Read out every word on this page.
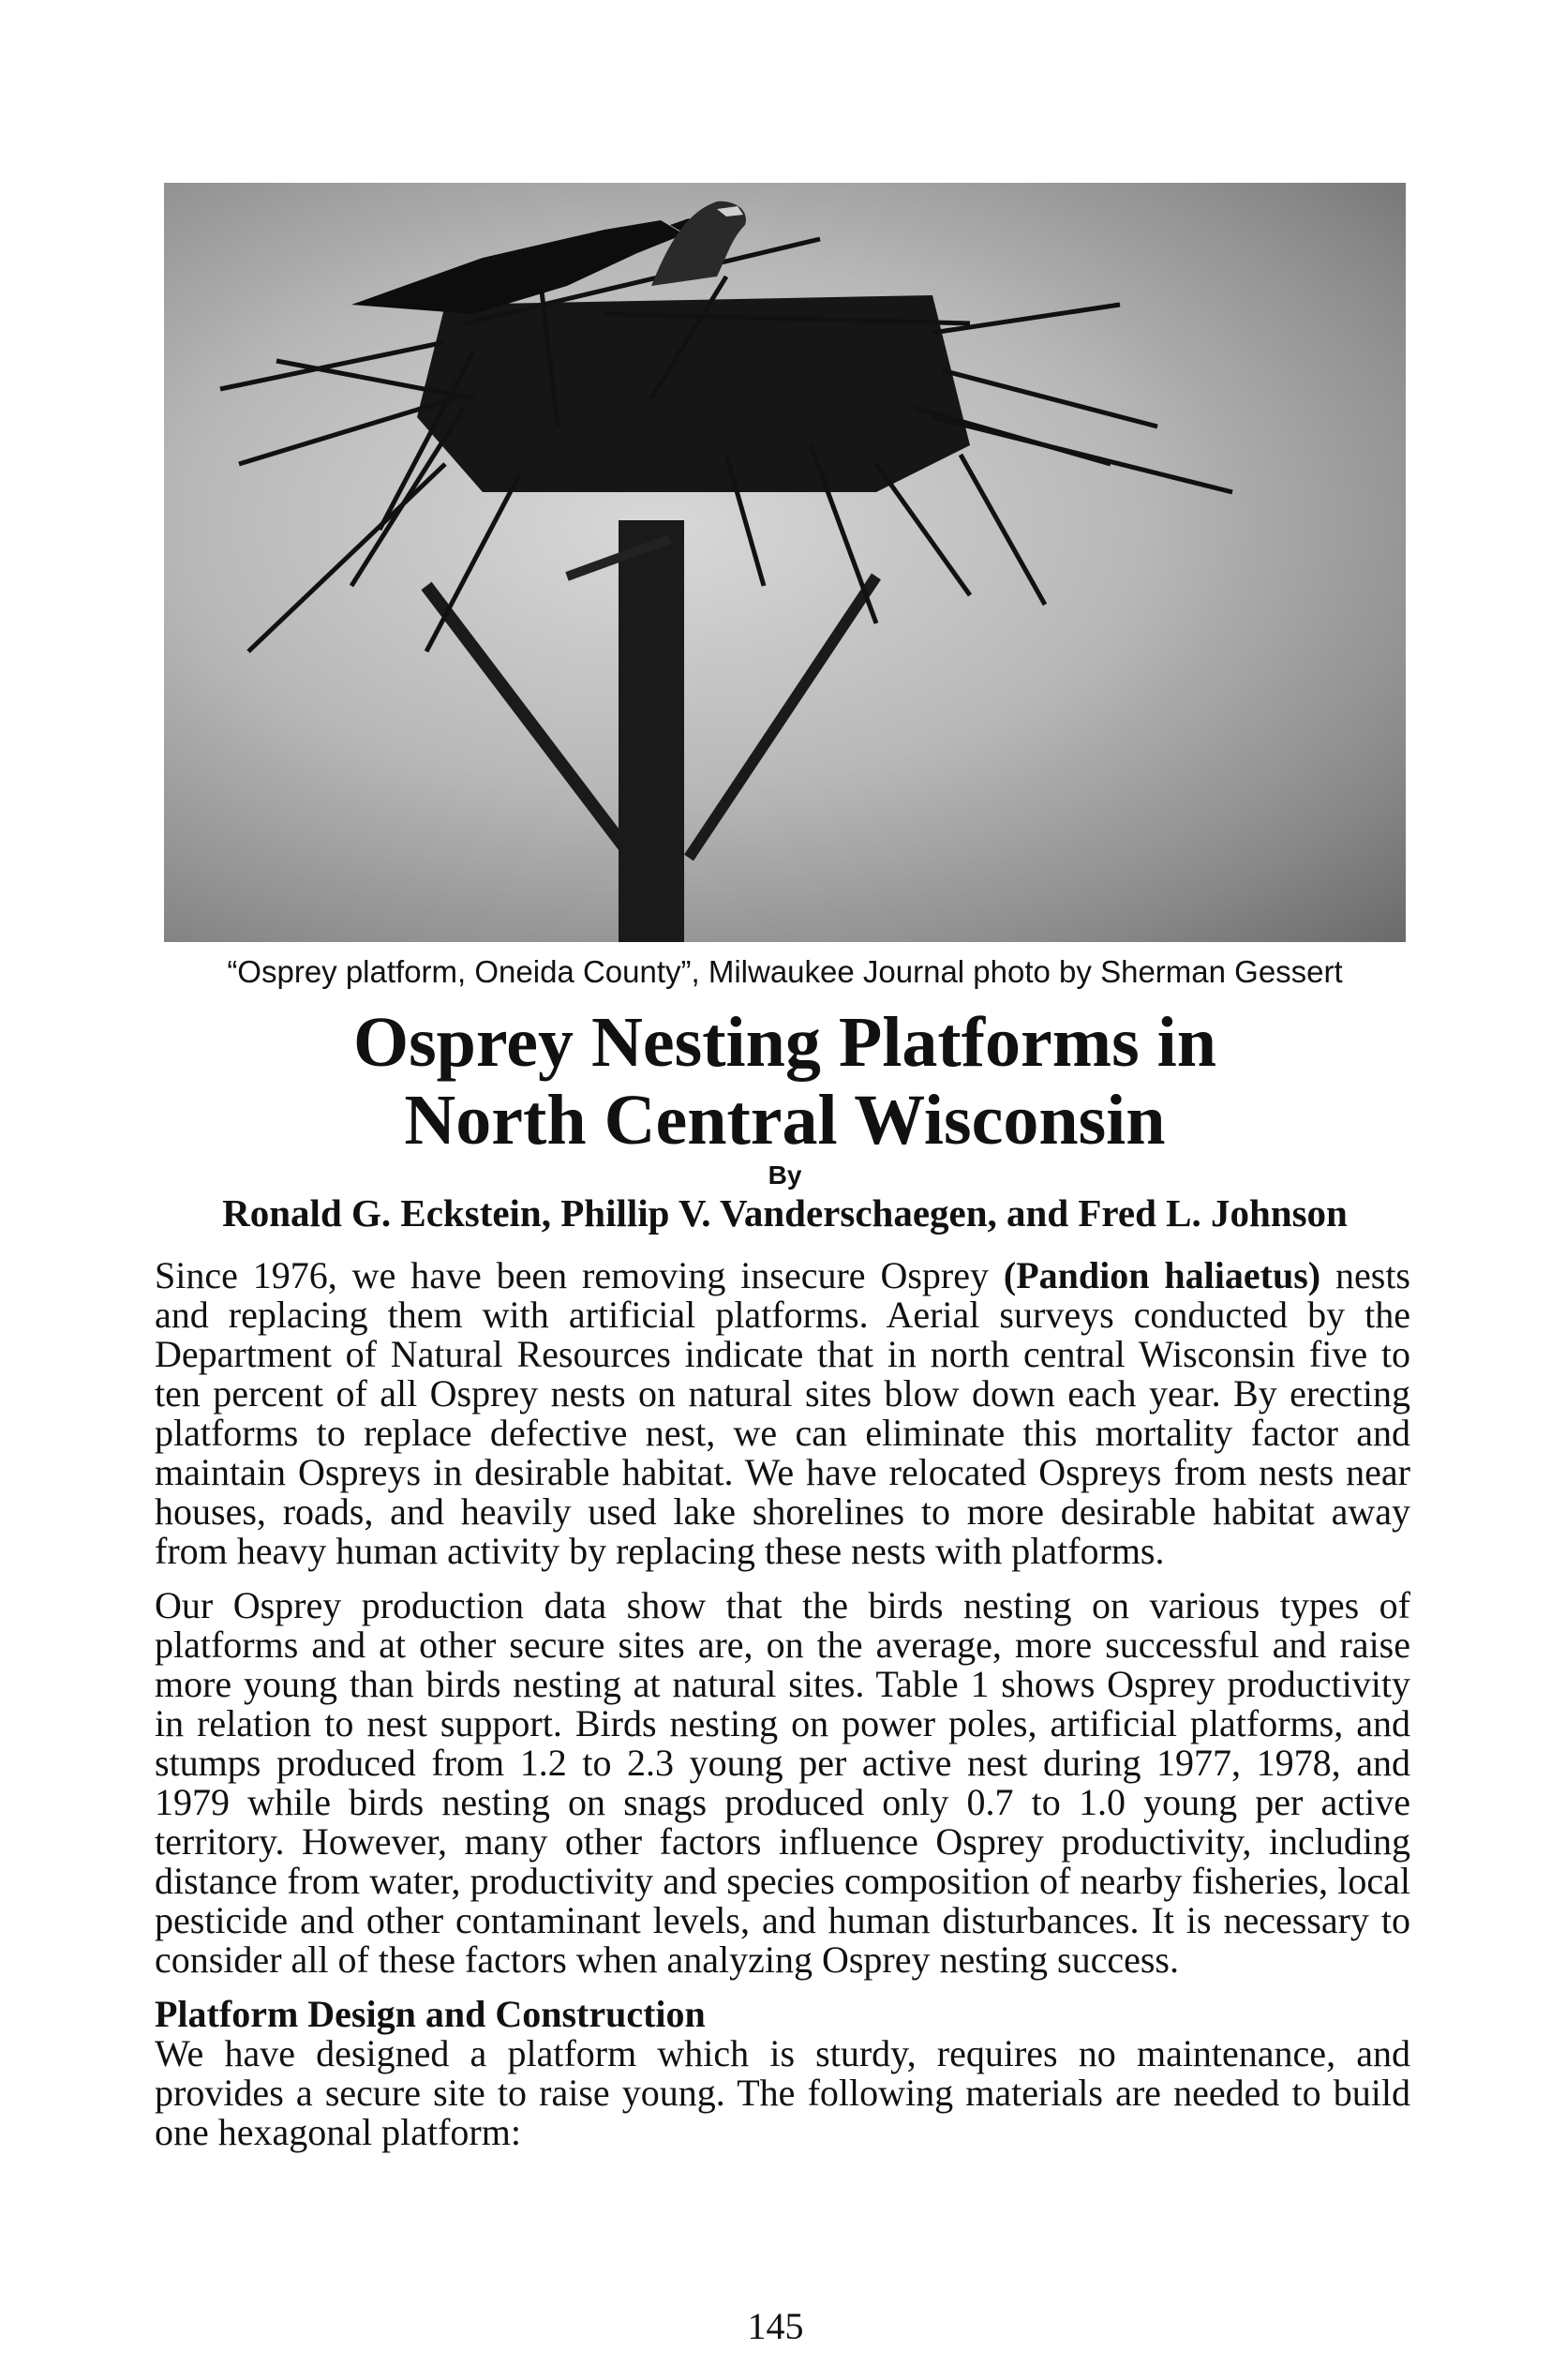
“Osprey platform, Oneida County”, Milwaukee Journal photo by Sherman Gessert
Osprey Nesting Platforms in
North Central Wisconsin
By
Ronald G. Eckstein, Phillip V. Vanderschaegen, and Fred L. Johnson

Since 1976, we have been removing insecure Osprey (Pandion haliaetus) nests and replacing them with artificial platforms. Aerial surveys conducted by the Department of Natural Resources indicate that in north central Wisconsin five to ten percent of all Osprey nests on natural sites blow down each year. By erecting platforms to replace defective nest, we can eliminate this mortality factor and maintain Ospreys in desirable habitat. We have relocated Ospreys from nests near houses, roads, and heavily used lake shorelines to more desirable habitat away from heavy human activity by replacing these nests with platforms.

Our Osprey production data show that the birds nesting on various types of platforms and at other secure sites are, on the average, more successful and raise more young than birds nesting at natural sites. Table 1 shows Osprey productivity in relation to nest support. Birds nesting on power poles, artificial platforms, and stumps produced from 1.2 to 2.3 young per active nest during 1977, 1978, and 1979 while birds nesting on snags produced only 0.7 to 1.0 young per active territory. However, many other factors influence Osprey productivity, including distance from water, productivity and species composition of nearby fisheries, local pesticide and other contaminant levels, and human disturbances. It is necessary to consider all of these factors when analyzing Osprey nesting success.

Platform Design and Construction

We have designed a platform which is sturdy, requires no maintenance, and provides a secure site to raise young. The following materials are needed to build one hexagonal platform:

145
